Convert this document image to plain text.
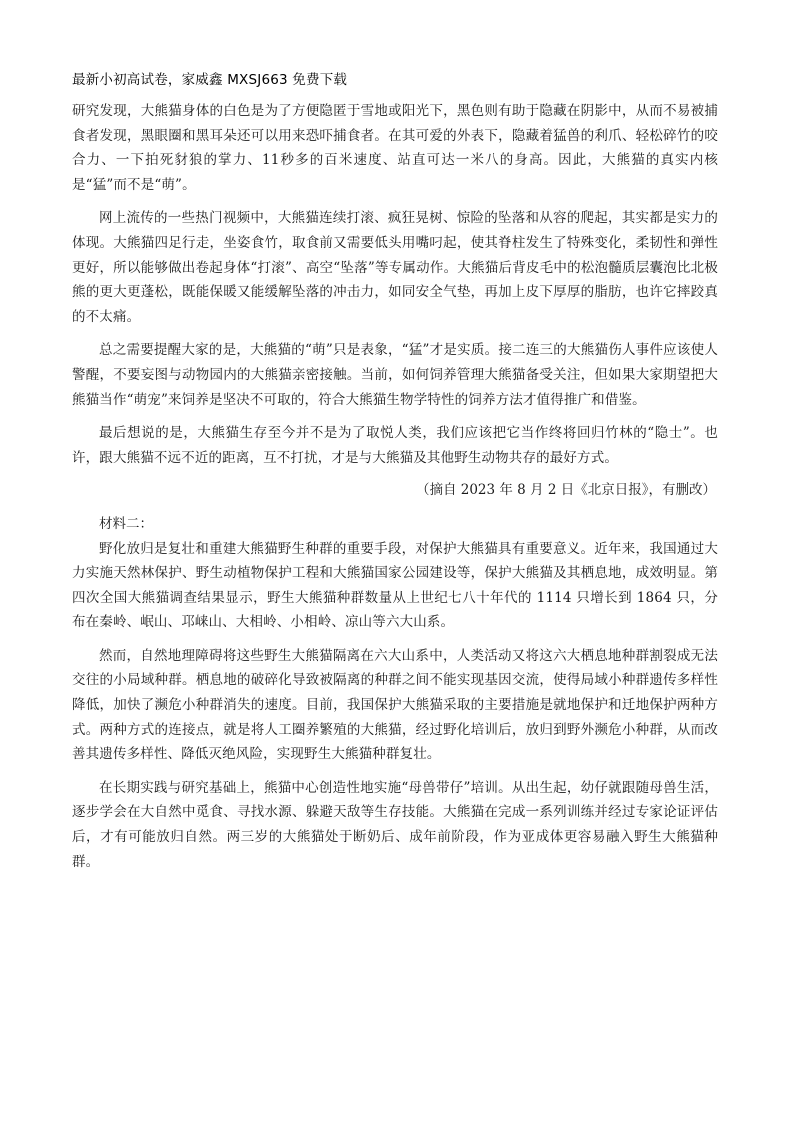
最新小初高试卷，家威鑫 MXSJ663 免费下载

研究发现，大熊猫身体的白色是为了方便隐匿于雪地或阳光下，黑色则有助于隐藏在阴影中，从而不易被捕食者发现，黑眼圈和黑耳朵还可以用来恐吓捕食者。在其可爱的外表下，隐藏着猛兽的利爪、轻松碎竹的咬合力、一下拍死豺狼的掌力、11秒多的百米速度、站直可达一米八的身高。因此，大熊猫的真实内核是“猛”而不是“萌”。

网上流传的一些热门视频中，大熊猫连续打滚、疯狂晃树、惊险的坠落和从容的爬起，其实都是实力的体现。大熊猫四足行走，坐姿食竹，取食前又需要低头用嘴叼起，使其脊柱发生了特殊变化，柔韧性和弹性更好，所以能够做出卷起身体“打滚”、高空“坠落”等专属动作。大熊猫后背皮毛中的松泡髓质层囊泡比北极熊的更大更蓬松，既能保暖又能缓解坠落的冲击力，如同安全气垫，再加上皮下厚厚的脂肪，也许它摔跤真的不太痛。

总之需要提醒大家的是，大熊猫的“萌”只是表象，“猛”才是实质。接二连三的大熊猫伤人事件应该使人警醒，不要妄图与动物园内的大熊猫亲密接触。当前，如何饲养管理大熊猫备受关注，但如果大家期望把大熊猫当作“萌宠”来饲养是坚决不可取的，符合大熊猫生物学特性的饲养方法才值得推广和借鉴。

最后想说的是，大熊猫生存至今并不是为了取悦人类，我们应该把它当作终将回归竹林的“隐士”。也许，跟大熊猫不远不近的距离，互不打扰，才是与大熊猫及其他野生动物共存的最好方式。

（摘自 2023 年 8 月 2 日《北京日报》，有删改）

材料二：

野化放归是复壮和重建大熊猫野生种群的重要手段，对保护大熊猫具有重要意义。近年来，我国通过大力实施天然林保护、野生动植物保护工程和大熊猫国家公园建设等，保护大熊猫及其栖息地，成效明显。第四次全国大熊猫调查结果显示，野生大熊猫种群数量从上世纪七八十年代的 1114 只增长到 1864 只，分布在秦岭、岷山、邛崃山、大相岭、小相岭、凉山等六大山系。

然而，自然地理障碍将这些野生大熊猫隔离在六大山系中，人类活动又将这六大栖息地种群割裂成无法交往的小局域种群。栖息地的破碎化导致被隔离的种群之间不能实现基因交流，使得局域小种群遗传多样性降低，加快了濒危小种群消失的速度。目前，我国保护大熊猫采取的主要措施是就地保护和迁地保护两种方式。两种方式的连接点，就是将人工圈养繁殖的大熊猫，经过野化培训后，放归到野外濒危小种群，从而改善其遗传多样性、降低灭绝风险，实现野生大熊猫种群复壮。

在长期实践与研究基础上，熊猫中心创造性地实施“母兽带仔”培训。从出生起，幼仔就跟随母兽生活，逐步学会在大自然中觅食、寻找水源、躲避天敌等生存技能。大熊猫在完成一系列训练并经过专家论证评估后，才有可能放归自然。两三岁的大熊猫处于断奶后、成年前阶段，作为亚成体更容易融入野生大熊猫种群。
